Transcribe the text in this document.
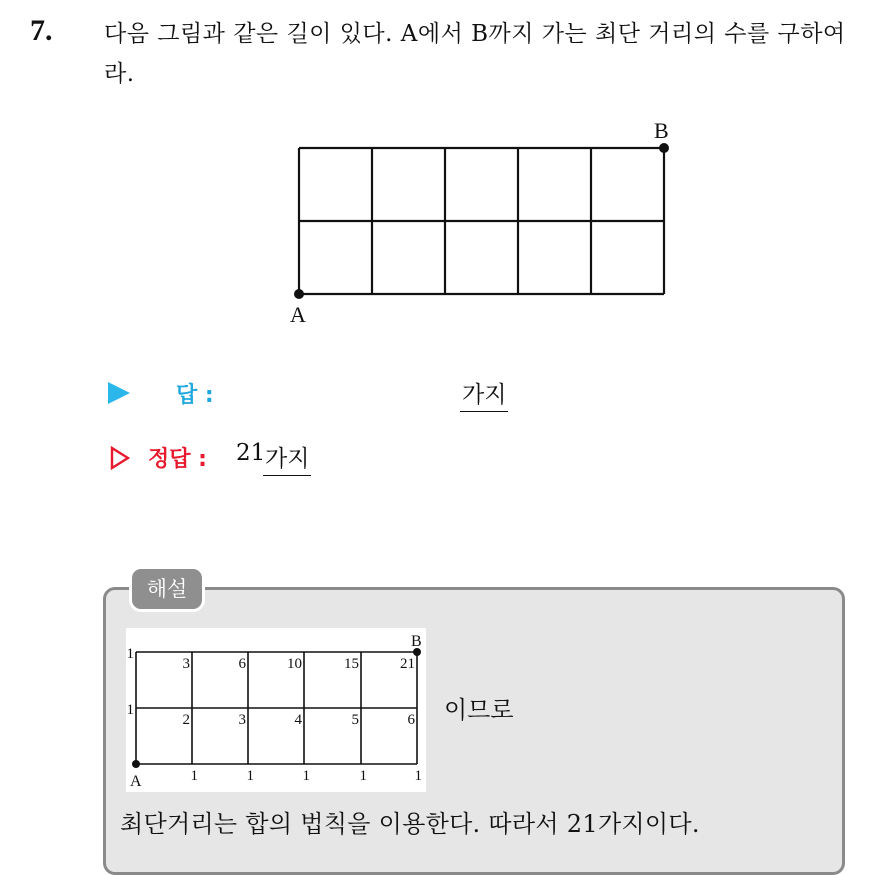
7. 다음 그림과 같은 길이 있다. A에서 B까지 가는 최단 거리의 수를 구하여라.
A
B
답 :	가지
정답 : 21 가지
해설
A
B
1
1
3	6	10	15	21
2	3	4	5	6
1	1	1	1	1
이므로
최단거리는 합의 법칙을 이용한다. 따라서 21가지이다.
